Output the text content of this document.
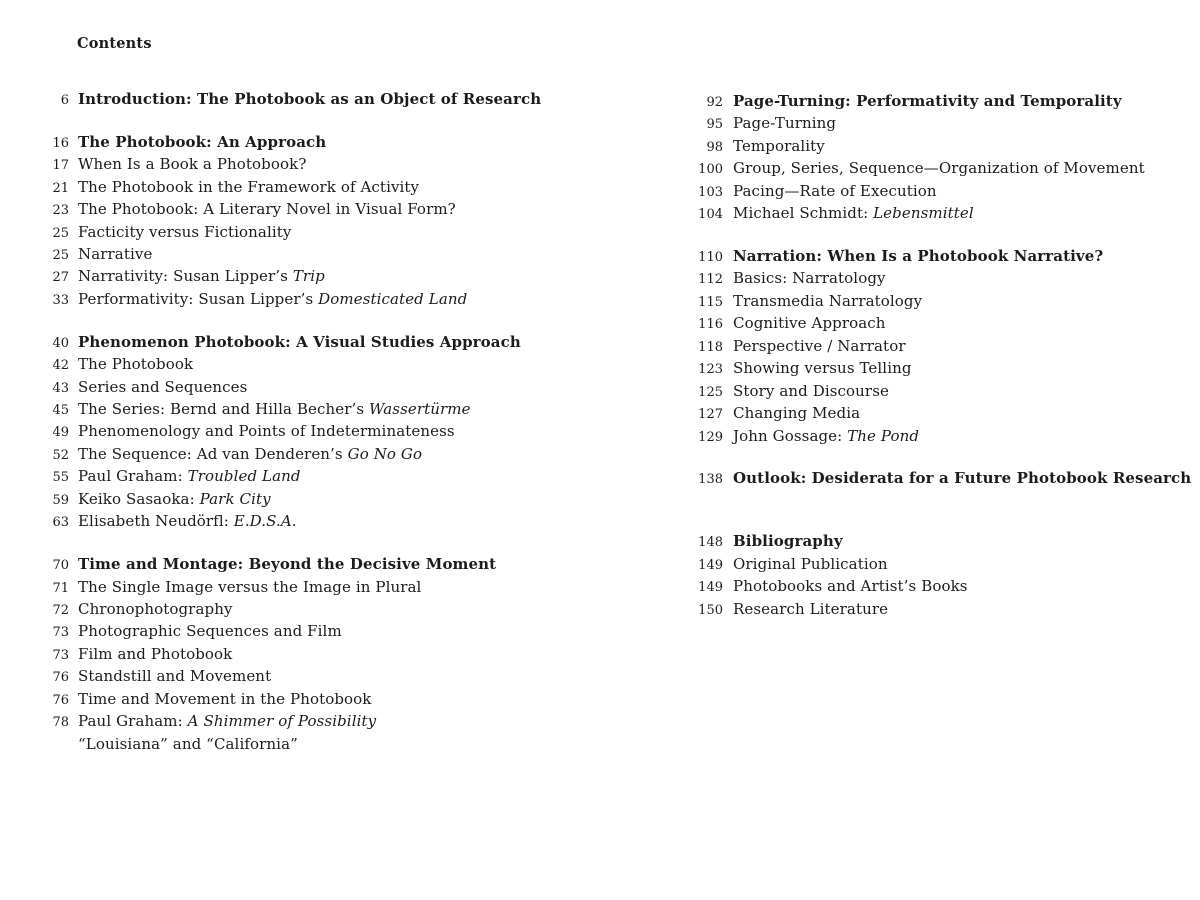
Contents
6 Introduction: The Photobook as an Object of Research
16 The Photobook: An Approach
17 When Is a Book a Photobook?
21 The Photobook in the Framework of Activity
23 The Photobook: A Literary Novel in Visual Form?
25 Facticity versus Fictionality
25 Narrative
27 Narrativity: Susan Lipper’s Trip
33 Performativity: Susan Lipper’s Domesticated Land
40 Phenomenon Photobook: A Visual Studies Approach
42 The Photobook
43 Series and Sequences
45 The Series: Bernd and Hilla Becher’s Wassertürme
49 Phenomenology and Points of Indeterminateness
52 The Sequence: Ad van Denderen’s Go No Go
55 Paul Graham: Troubled Land
59 Keiko Sasaoka: Park City
63 Elisabeth Neudörfl: E.D.S.A.
70 Time and Montage: Beyond the Decisive Moment
71 The Single Image versus the Image in Plural
72 Chronophotography
73 Photographic Sequences and Film
73 Film and Photobook
76 Standstill and Movement
76 Time and Movement in the Photobook
78 Paul Graham: A Shimmer of Possibility
“Louisiana” and “California”
92 Page-Turning: Performativity and Temporality
95 Page-Turning
98 Temporality
100 Group, Series, Sequence—Organization of Movement
103 Pacing—Rate of Execution
104 Michael Schmidt: Lebensmittel
110 Narration: When Is a Photobook Narrative?
112 Basics: Narratology
115 Transmedia Narratology
116 Cognitive Approach
118 Perspective / Narrator
123 Showing versus Telling
125 Story and Discourse
127 Changing Media
129 John Gossage: The Pond
138 Outlook: Desiderata for a Future Photobook Research
148 Bibliography
149 Original Publication
149 Photobooks and Artist’s Books
150 Research Literature
